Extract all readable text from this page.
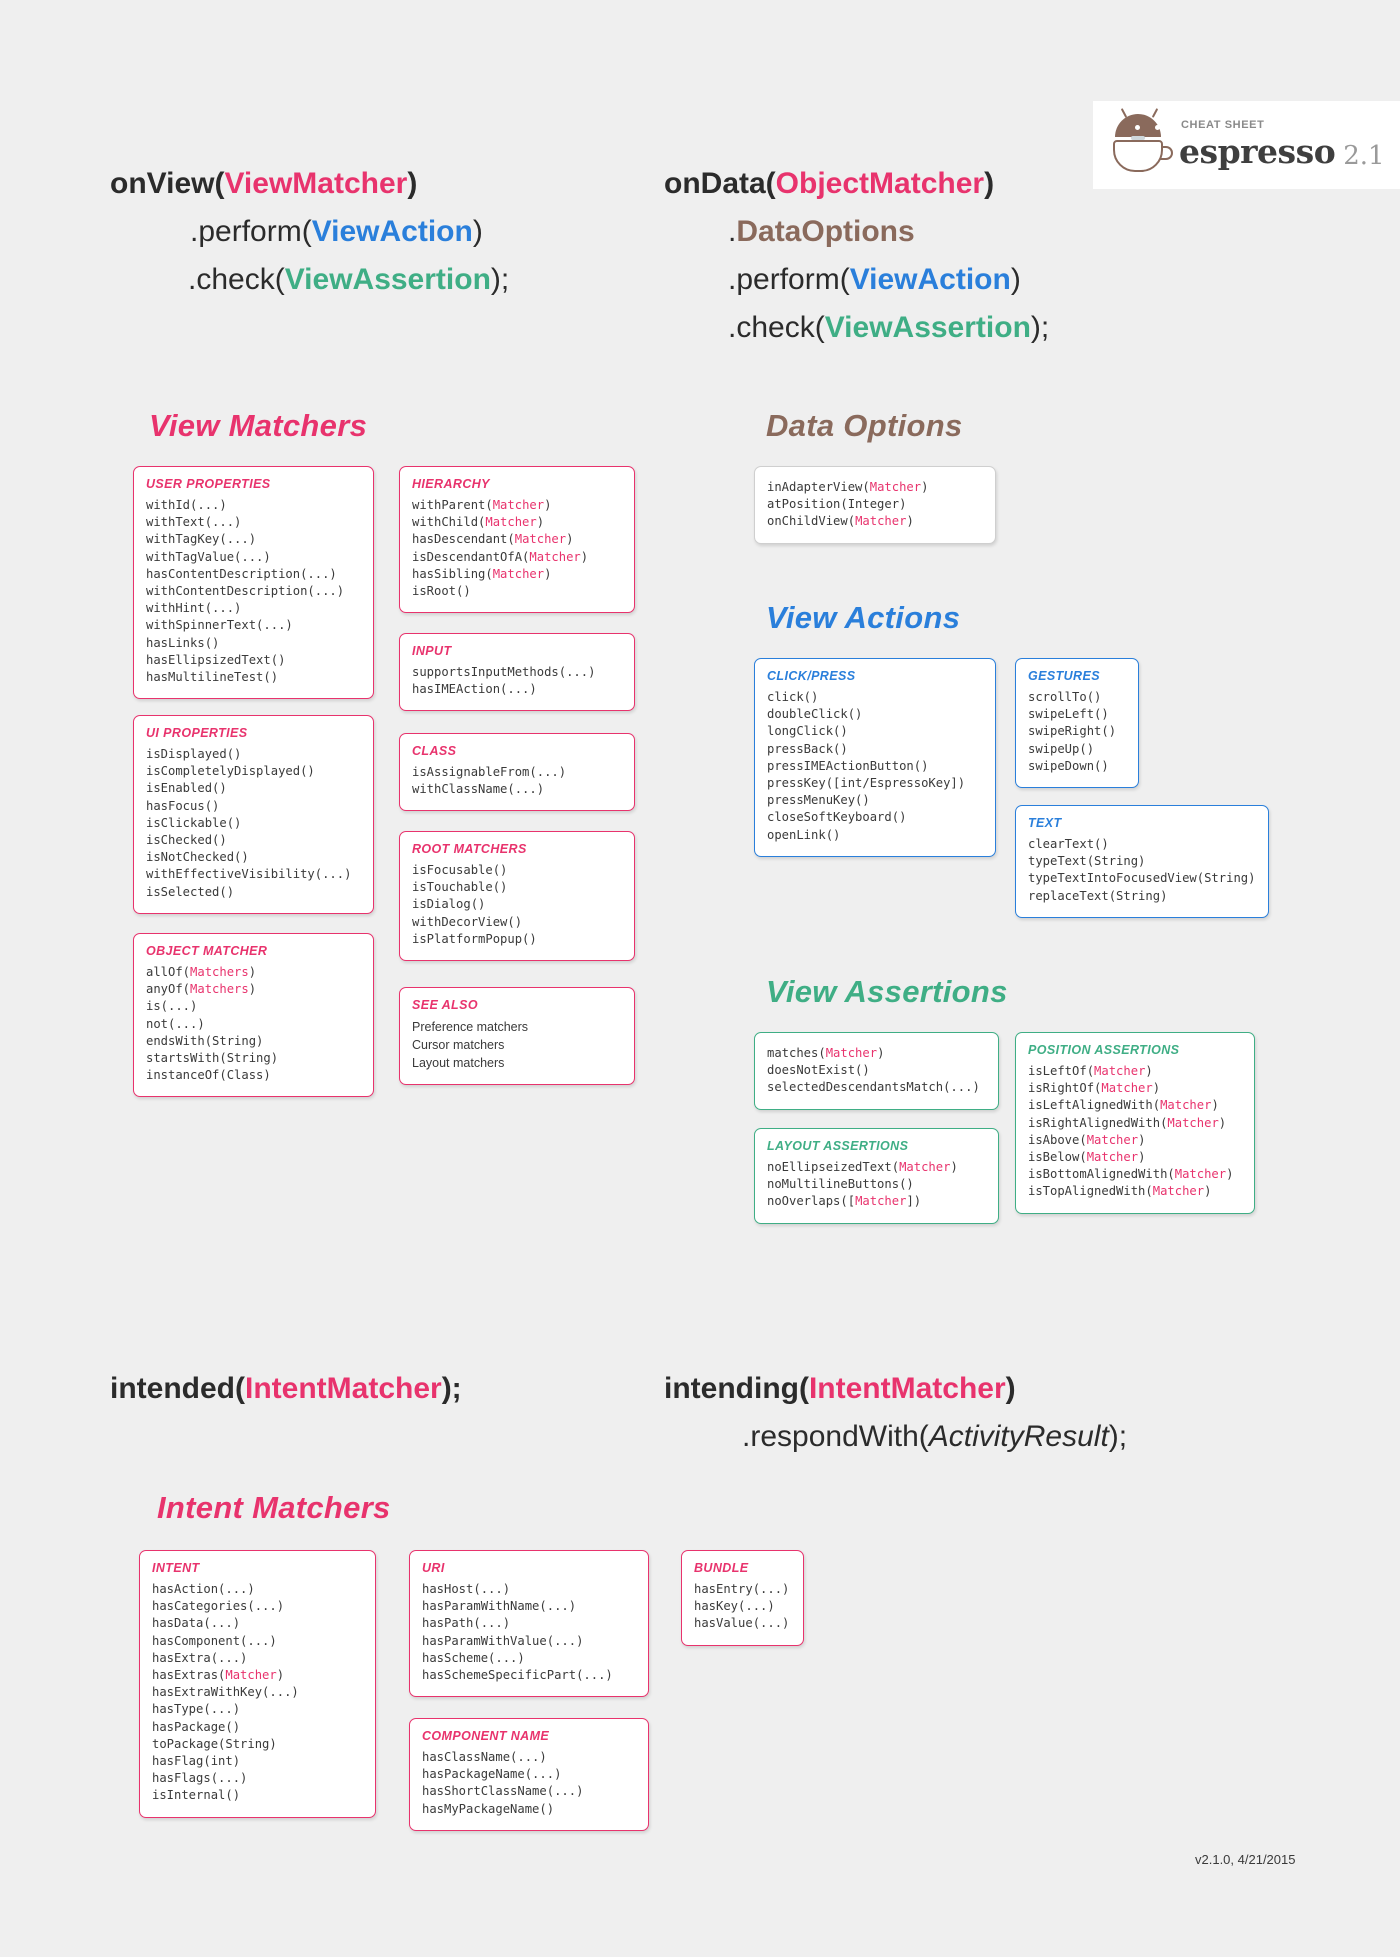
CHEAT SHEET
espresso 2.1
onView(ViewMatcher)
.perform(ViewAction)
.check(ViewAssertion);
onData(ObjectMatcher)
.DataOptions
.perform(ViewAction)
.check(ViewAssertion);
intended(IntentMatcher);	intending(IntentMatcher)
.respondWith(ActivityResult);
View Matchers	Data Options
View Actions
View Assertions
Intent Matchers
USER PROPERTIES
withId(...)
withText(...)
withTagKey(...)
withTagValue(...)
hasContentDescription(...)
withContentDescription(...)
withHint(...)
withSpinnerText(...)
hasLinks()
hasEllipsizedText()
hasMultilineTest()
UI PROPERTIES
isDisplayed()
isCompletelyDisplayed()
isEnabled()
hasFocus()
isClickable()
isChecked()
isNotChecked()
withEffectiveVisibility(...)
isSelected()
OBJECT MATCHER
allOf(Matchers)
anyOf(Matchers)
is(...)
not(...)
endsWith(String)
startsWith(String)
instanceOf(Class)
HIERARCHY
withParent(Matcher)
withChild(Matcher)
hasDescendant(Matcher)
isDescendantOfA(Matcher)
hasSibling(Matcher)
isRoot()
INPUT
supportsInputMethods(...)
hasIMEAction(...)
CLASS
isAssignableFrom(...)
withClassName(...)
ROOT MATCHERS
isFocusable()
isTouchable()
isDialog()
withDecorView()
isPlatformPopup()
SEE ALSO
Preference matchers
Cursor matchers
Layout matchers
inAdapterView(Matcher)
atPosition(Integer)
onChildView(Matcher)
CLICK/PRESS
click()
doubleClick()
longClick()
pressBack()
pressIMEActionButton()
pressKey([int/EspressoKey])
pressMenuKey()
closeSoftKeyboard()
openLink()
GESTURES
scrollTo()
swipeLeft()
swipeRight()
swipeUp()
swipeDown()
TEXT
clearText()
typeText(String)
typeTextIntoFocusedView(String)
replaceText(String)
matches(Matcher)
doesNotExist()
selectedDescendantsMatch(...)
LAYOUT ASSERTIONS
noEllipseizedText(Matcher)
noMultilineButtons()
noOverlaps([Matcher])
POSITION ASSERTIONS
isLeftOf(Matcher)
isRightOf(Matcher)
isLeftAlignedWith(Matcher)
isRightAlignedWith(Matcher)
isAbove(Matcher)
isBelow(Matcher)
isBottomAlignedWith(Matcher)
isTopAlignedWith(Matcher)
INTENT
hasAction(...)
hasCategories(...)
hasData(...)
hasComponent(...)
hasExtra(...)
hasExtras(Matcher)
hasExtraWithKey(...)
hasType(...)
hasPackage()
toPackage(String)
hasFlag(int)
hasFlags(...)
isInternal()
URI
hasHost(...)
hasParamWithName(...)
hasPath(...)
hasParamWithValue(...)
hasScheme(...)
hasSchemeSpecificPart(...)
COMPONENT NAME
hasClassName(...)
hasPackageName(...)
hasShortClassName(...)
hasMyPackageName()
BUNDLE
hasEntry(...)
hasKey(...)
hasValue(...)
v2.1.0, 4/21/2015
